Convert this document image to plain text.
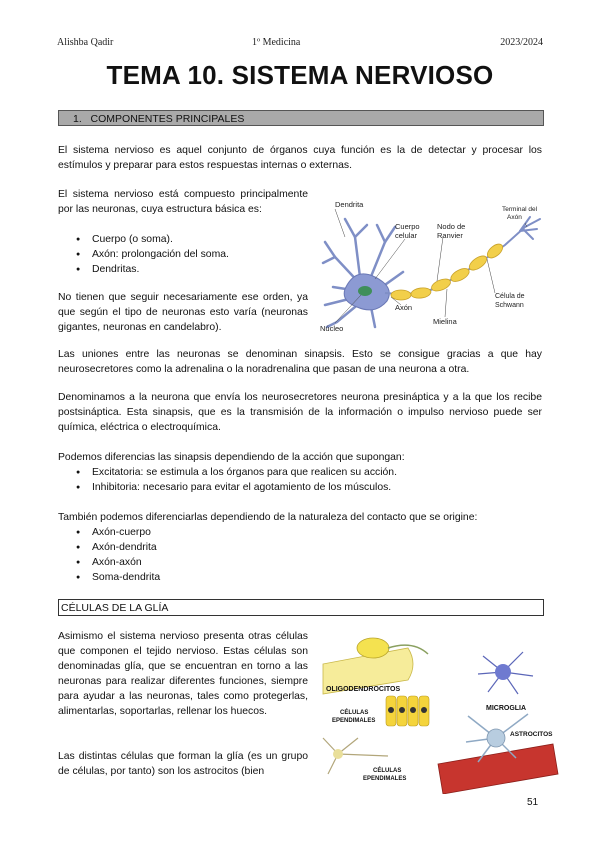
Alishba Qadir	1º Medicina	2023/2024
TEMA 10. SISTEMA NERVIOSO
1. COMPONENTES PRINCIPALES

El sistema nervioso es aquel conjunto de órganos cuya función es la de detectar y procesar los estímulos y preparar para estos respuestas internas o externas.

El sistema nervioso está compuesto principalmente por las neuronas, cuya estructura básica es:

● Cuerpo (o soma).
● Axón: prolongación del soma.
● Dendritas.

No tienen que seguir necesariamente ese orden, ya que según el tipo de neuronas esto varía (neuronas gigantes, neuronas en candelabro).

Dendrita
Cuerpo
celular
Nodo de
Ranvier
Terminal del
Axón
Célula de
Schwann
Axón
Mielina
Núcleo

Las uniones entre las neuronas se denominan sinapsis. Esto se consigue gracias a que hay neurosecretores como la adrenalina o la noradrenalina que pasan de una neurona a otra.

Denominamos a la neurona que envía los neurosecretores neurona presináptica y a la que los recibe postsináptica. Esta sinapsis, que es la transmisión de la información o impulso nervioso puede ser química, eléctrica o electroquímica.

Podemos diferencias las sinapsis dependiendo de la acción que supongan:

● Excitatoria: se estimula a los órganos para que realicen su acción.
● Inhibitoria: necesario para evitar el agotamiento de los músculos.

También podemos diferenciarlas dependiendo de la naturaleza del contacto que se origine:

● Axón-cuerpo
● Axón-dendrita
● Axón-axón
● Soma-dendrita
CÉLULAS DE LA GLÍA

Asimismo el sistema nervioso presenta otras células que componen el tejido nervioso. Estas células son denominadas glía, que se encuentran en torno a las neuronas para realizar diferentes funciones, siempre para ayudar a las neuronas, tales como protegerlas, alimentarlas, soportarlas, rellenar los huecos.

Las distintas células que forman la glía (es un grupo de células, por tanto) son los astrocitos (bien

OLIGODENDROCITOS
MICROGLIA
CÉLULAS
EPENDIMALES
ASTROCITOS
CÉLULAS
EPENDIMALES
51
